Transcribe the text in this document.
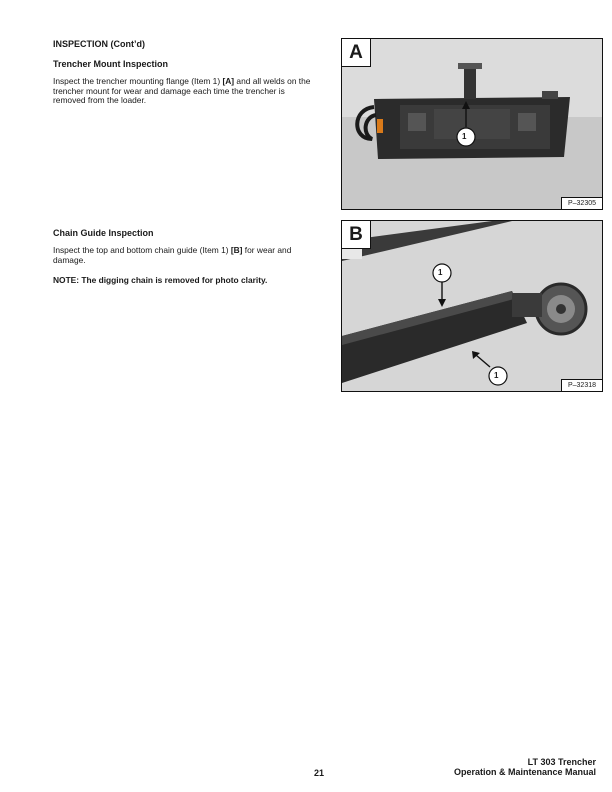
INSPECTION (Cont’d)
Trencher Mount Inspection
Inspect the trencher mounting flange (Item 1) [A] and all welds on the trencher mount for wear and damage each time the trencher is removed from the loader.
Chain Guide Inspection
Inspect the top and bottom chain guide (Item 1) [B] for wear and damage.
NOTE: The digging chain is removed for photo clarity.
A
1
P–32305
B
1
1
P–32318
21
LT 303 Trencher
Operation & Maintenance Manual
